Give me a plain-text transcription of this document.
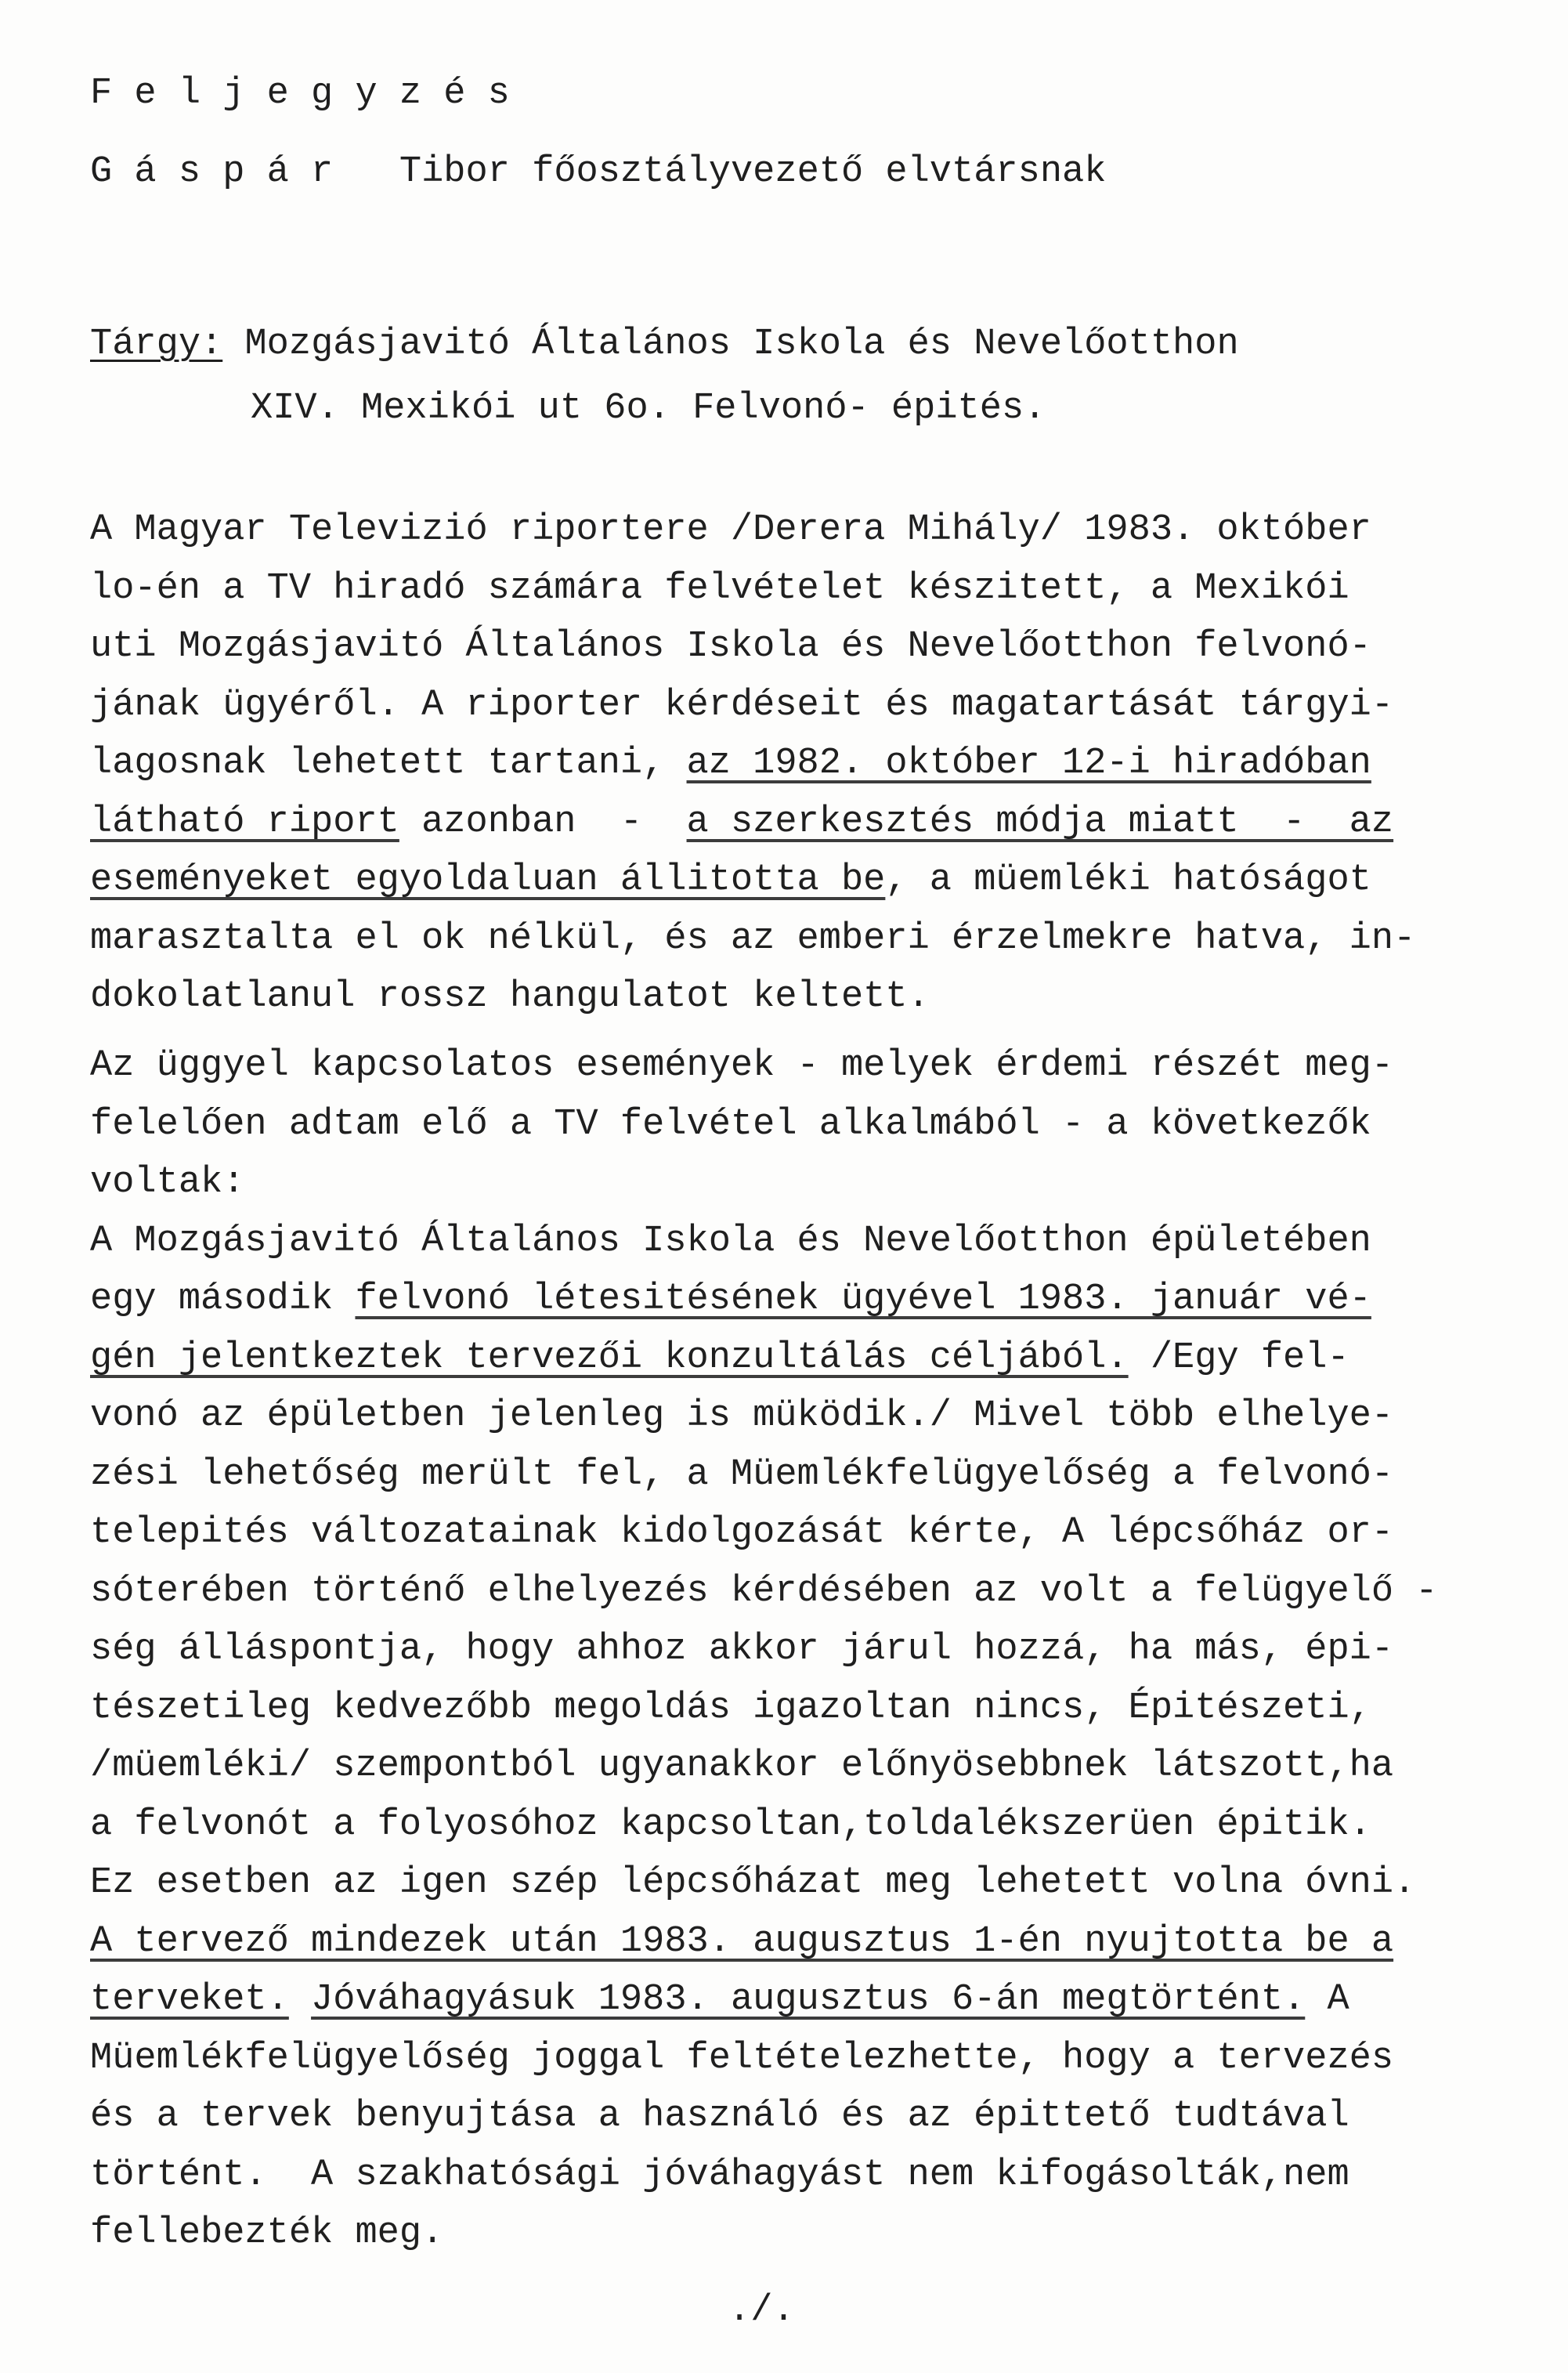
F e l j e g y z é s
G á s p á r Tibor főosztályvezető elvtársnak
Tárgy: Mozgásjavitó Általános Iskola és Nevelőotthon
XIV. Mexikói ut 6o. Felvonó- épités.
A Magyar Televizió riportere /Derera Mihály/ 1983. október
lo-én a TV hiradó számára felvételet készitett, a Mexikói
uti Mozgásjavitó Általános Iskola és Nevelőotthon felvonó-
jának ügyéről. A riporter kérdéseit és magatartását tárgyi-
lagosnak lehetett tartani, az 1982. október 12-i hiradóban
látható riport azonban  -  a szerkesztés módja miatt  -  az
eseményeket egyoldaluan állitotta be, a müemléki hatóságot
marasztalta el ok nélkül, és az emberi érzelmekre hatva, in-
dokolatlanul rossz hangulatot keltett.
Az üggyel kapcsolatos események - melyek érdemi részét meg-
felelően adtam elő a TV felvétel alkalmából - a következők
voltak:
A Mozgásjavitó Általános Iskola és Nevelőotthon épületében
egy második felvonó létesitésének ügyével 1983. január vé-
gén jelentkeztek tervezői konzultálás céljából. /Egy fel-
vonó az épületben jelenleg is müködik./ Mivel több elhelye-
zési lehetőség merült fel, a Müemlékfelügyelőség a felvonó-
telepités változatainak kidolgozását kérte, A lépcsőház or-
sóterében történő elhelyezés kérdésében az volt a felügyelő -
ség álláspontja, hogy ahhoz akkor járul hozzá, ha más, épi-
tészetileg kedvezőbb megoldás igazoltan nincs, Épitészeti,
/müemléki/ szempontból ugyanakkor előnyösebbnek látszott,ha
a felvonót a folyosóhoz kapcsoltan,toldalékszerüen épitik.
Ez esetben az igen szép lépcsőházat meg lehetett volna óvni.
A tervező mindezek után 1983. augusztus 1-én nyujtotta be a
terveket. Jóváhagyásuk 1983. augusztus 6-án megtörtént. A
Müemlékfelügyelőség joggal feltételezhette, hogy a tervezés
és a tervek benyujtása a használó és az épittető tudtával
történt.  A szakhatósági jóváhagyást nem kifogásolták,nem
fellebezték meg.
./.
